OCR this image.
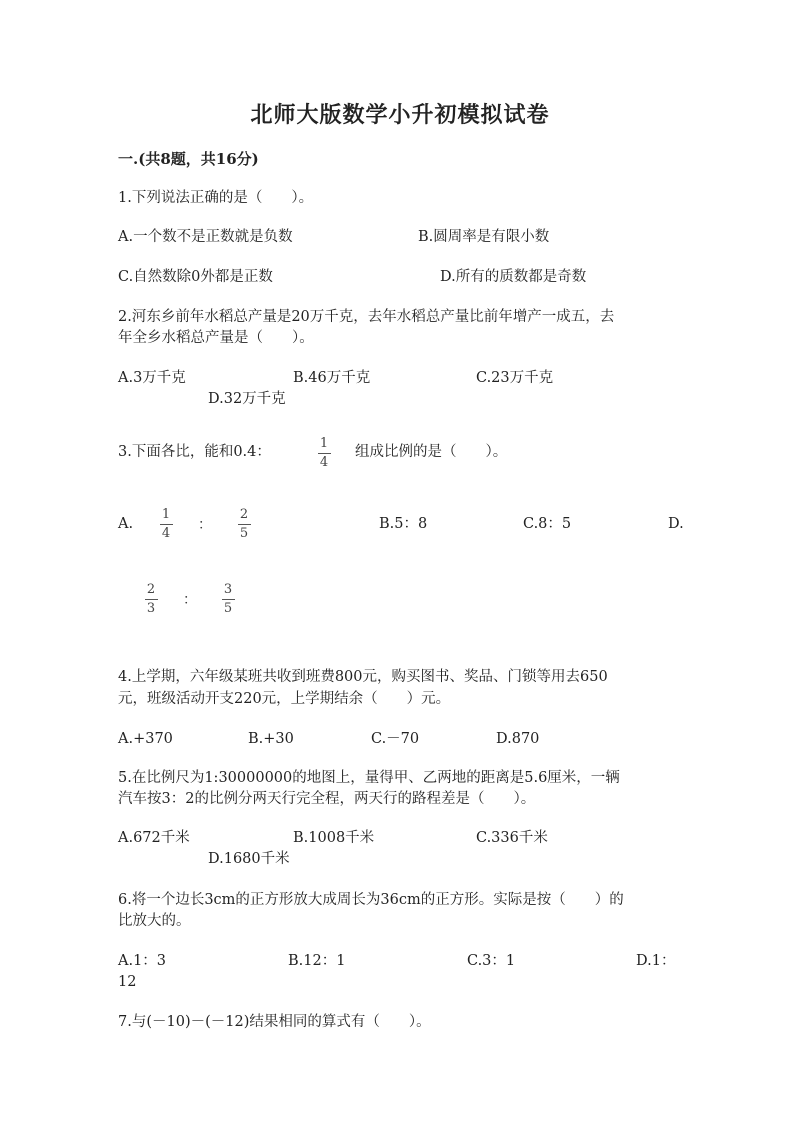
北师大版数学小升初模拟试卷
一.(共8题，共16分)
1.下列说法正确的是（　　）。
A.一个数不是正数就是负数	B.圆周率是有限小数
C.自然数除0外都是正数	D.所有的质数都是奇数
2.河东乡前年水稻总产量是20万千克，去年水稻总产量比前年增产一成五，去
年全乡水稻总产量是（　　）。
A.3万千克	B.46万千克	C.23万千克
D.32万千克
3.下面各比，能和0.4：
1
4
组成比例的是（　　）。
A.
1
4
：
2
5
B.5：8	C.8：5	D.
2
3
：
3
5
4.上学期，六年级某班共收到班费800元，购买图书、奖品、门锁等用去650
元，班级活动开支220元，上学期结余（　　）元。
A.+370	B.+30	C.－70	D.870
5.在比例尺为1:30000000的地图上，量得甲、乙两地的距离是5.6厘米，一辆
汽车按3：2的比例分两天行完全程，两天行的路程差是（　　）。
A.672千米	B.1008千米	C.336千米
D.1680千米
6.将一个边长3cm的正方形放大成周长为36cm的正方形。实际是按（　　）的
比放大的。
A.1：3	B.12：1	C.3：1	D.1：
12
7.与(－10)－(－12)结果相同的算式有（　　）。
